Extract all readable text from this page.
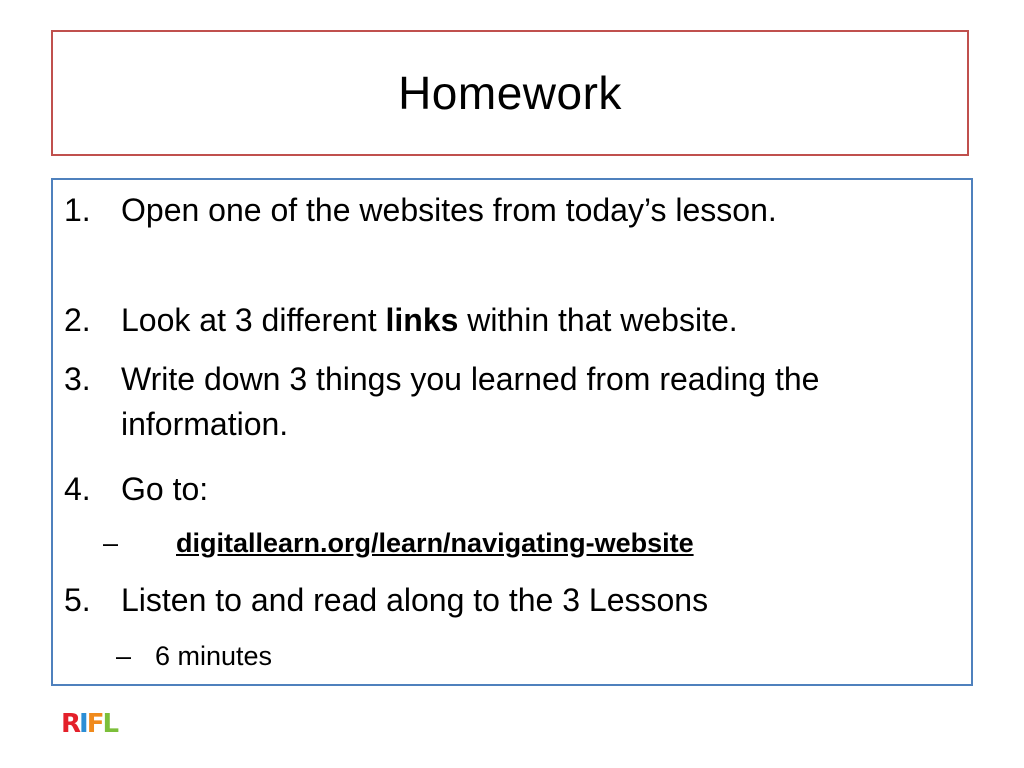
Homework
1. Open one of the websites from today’s lesson.
2. Look at 3 different links within that website.
3. Write down 3 things you learned from reading the information.
4. Go to:
– digitallearn.org/learn/navigating-website
5. Listen to and read along to the 3 Lessons
– 6 minutes
RIFL
